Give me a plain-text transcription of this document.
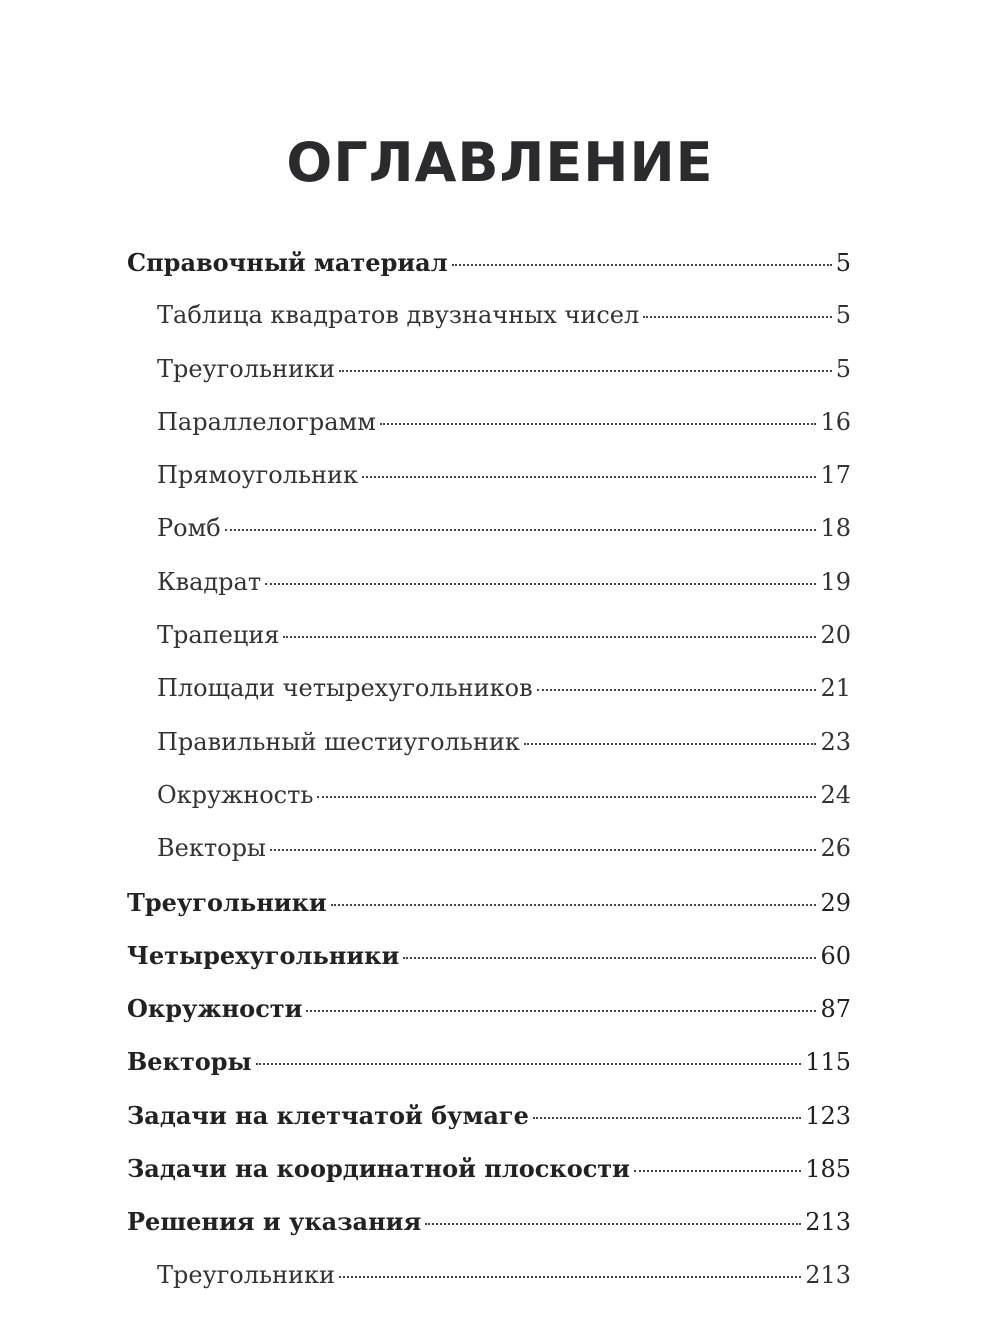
ОГЛАВЛЕНИЕ
Справочный материал	5
Таблица квадратов двузначных чисел	5
Треугольники	5
Параллелограмм	16
Прямоугольник	17
Ромб	18
Квадрат	19
Трапеция	20
Площади четырехугольников	21
Правильный шестиугольник	23
Окружность	24
Векторы	26
Треугольники	29
Четырехугольники	60
Окружности	87
Векторы	115
Задачи на клетчатой бумаге	123
Задачи на координатной плоскости	185
Решения и указания	213
Треугольники	213
